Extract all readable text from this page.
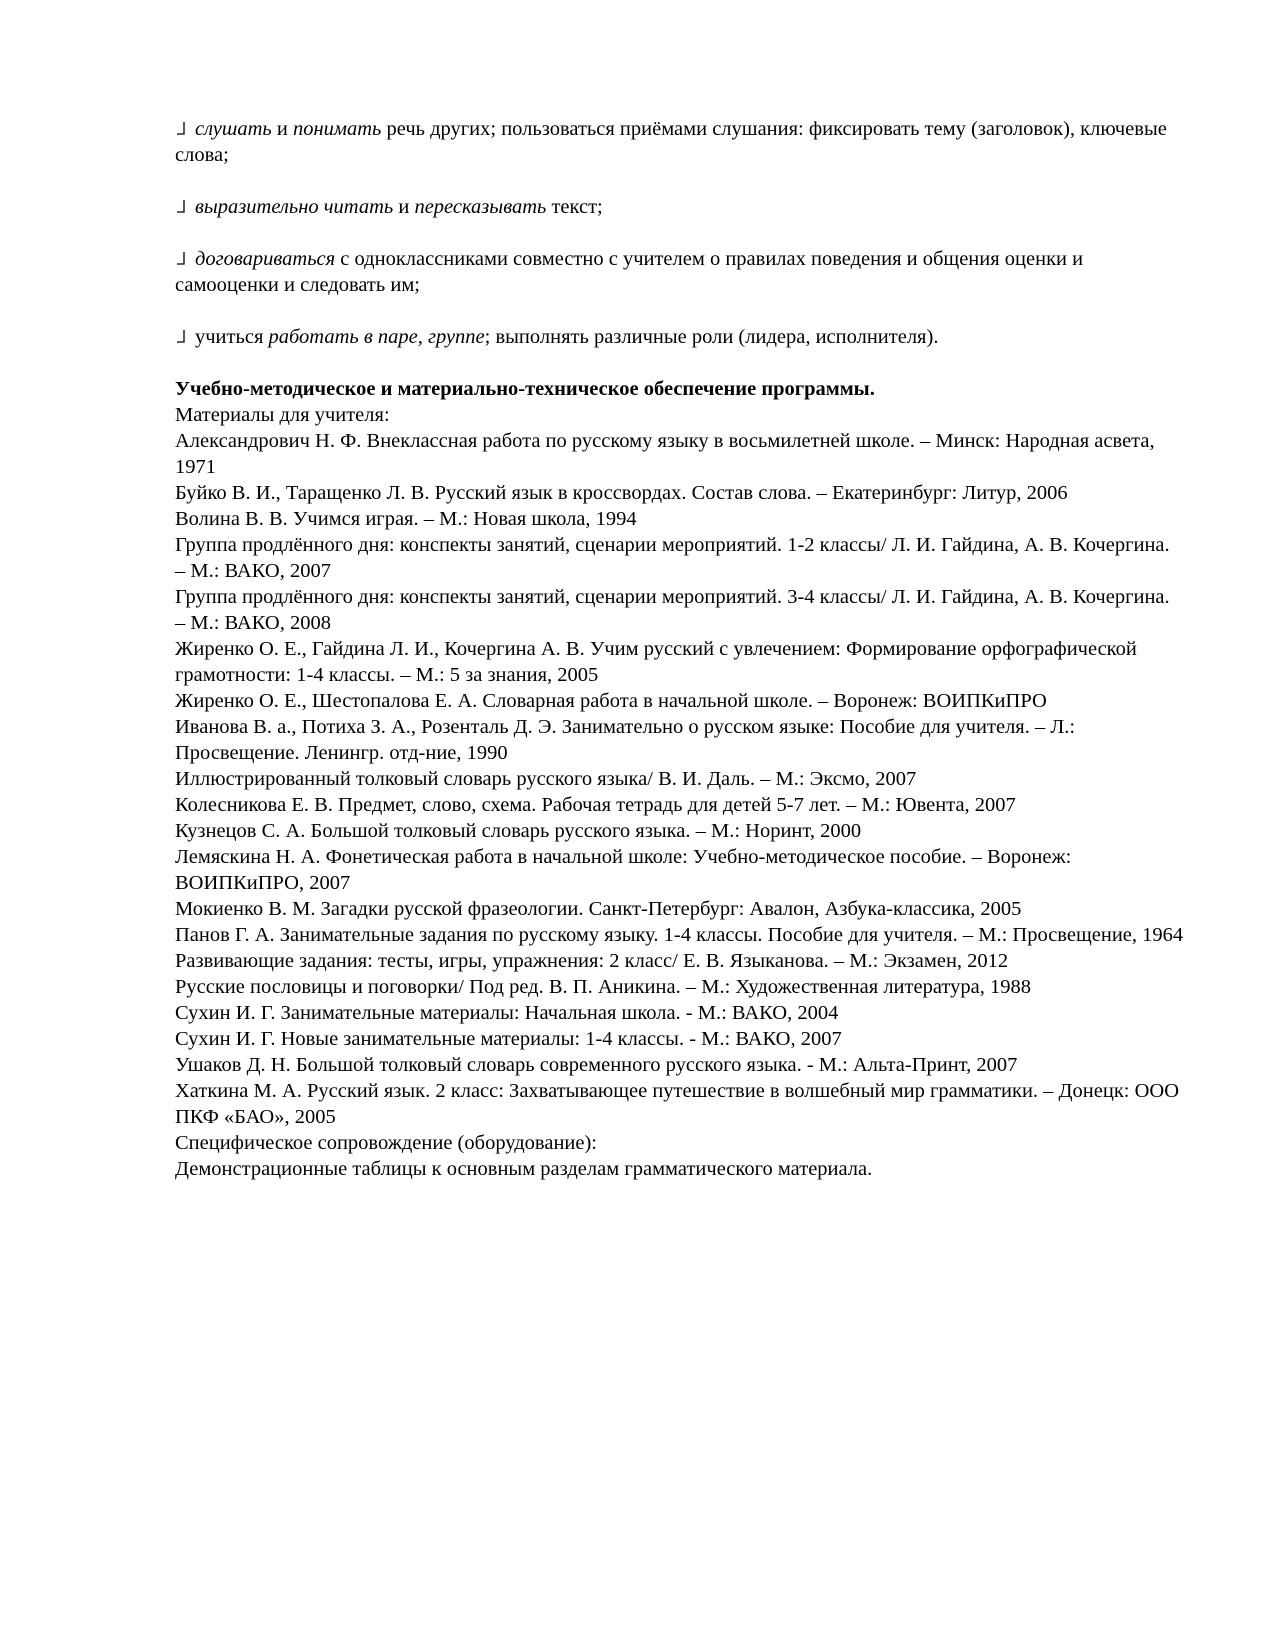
слушать и понимать речь других; пользоваться приёмами слушания: фиксировать тему (заголовок), ключевые слова;
выразительно читать и пересказывать текст;
договариваться с одноклассниками совместно с учителем о правилах поведения и общения оценки и самооценки и следовать им;
учиться работать в паре, группе; выполнять различные роли (лидера, исполнителя).

Учебно-методическое и материально-техническое обеспечение программы.

Материалы для учителя:

Александрович Н. Ф. Внеклассная работа по русскому языку в восьмилетней школе. – Минск: Народная асвета, 1971

Буйко В. И., Таращенко Л. В. Русский язык в кроссвордах. Состав слова. – Екатеринбург: Литур, 2006

Волина В. В. Учимся играя. – М.: Новая школа, 1994

Группа продлённого дня: конспекты занятий, сценарии мероприятий. 1-2 классы/ Л. И. Гайдина, А. В. Кочергина. – М.: ВАКО, 2007

Группа продлённого дня: конспекты занятий, сценарии мероприятий. 3-4 классы/ Л. И. Гайдина, А. В. Кочергина. – М.: ВАКО, 2008

Жиренко О. Е., Гайдина Л. И., Кочергина А. В. Учим русский с увлечением: Формирование орфографической грамотности: 1-4 классы. – М.: 5 за знания, 2005

Жиренко О. Е., Шестопалова Е. А. Словарная работа в начальной школе. – Воронеж: ВОИПКиПРО

Иванова В. а., Потиха З. А., Розенталь Д. Э. Занимательно о русском языке: Пособие для учителя. – Л.: Просвещение. Ленингр. отд-ние, 1990

Иллюстрированный толковый словарь русского языка/ В. И. Даль. – М.: Эксмо, 2007

Колесникова Е. В. Предмет, слово, схема. Рабочая тетрадь для детей 5-7 лет. – М.: Ювента, 2007

Кузнецов С. А. Большой толковый словарь русского языка. – М.: Норинт, 2000

Лемяскина Н. А. Фонетическая работа в начальной школе: Учебно-методическое пособие. – Воронеж: ВОИПКиПРО, 2007

Мокиенко В. М. Загадки русской фразеологии. Санкт-Петербург: Авалон, Азбука-классика, 2005

Панов Г. А. Занимательные задания по русскому языку. 1-4 классы. Пособие для учителя. – М.: Просвещение, 1964

Развивающие задания: тесты, игры, упражнения: 2 класс/ Е. В. Языканова. – М.: Экзамен, 2012

Русские пословицы и поговорки/ Под ред. В. П. Аникина. – М.: Художественная литература, 1988

Сухин И. Г. Занимательные материалы: Начальная школа. - М.: ВАКО, 2004

Сухин И. Г. Новые занимательные материалы: 1-4 классы. - М.: ВАКО, 2007

Ушаков Д. Н. Большой толковый словарь современного русского языка. - М.: Альта-Принт, 2007

Хаткина М. А. Русский язык. 2 класс: Захватывающее путешествие в волшебный мир грамматики. – Донецк: ООО ПКФ «БАО», 2005

Специфическое сопровождение (оборудование):

Демонстрационные таблицы к основным разделам грамматического материала.
